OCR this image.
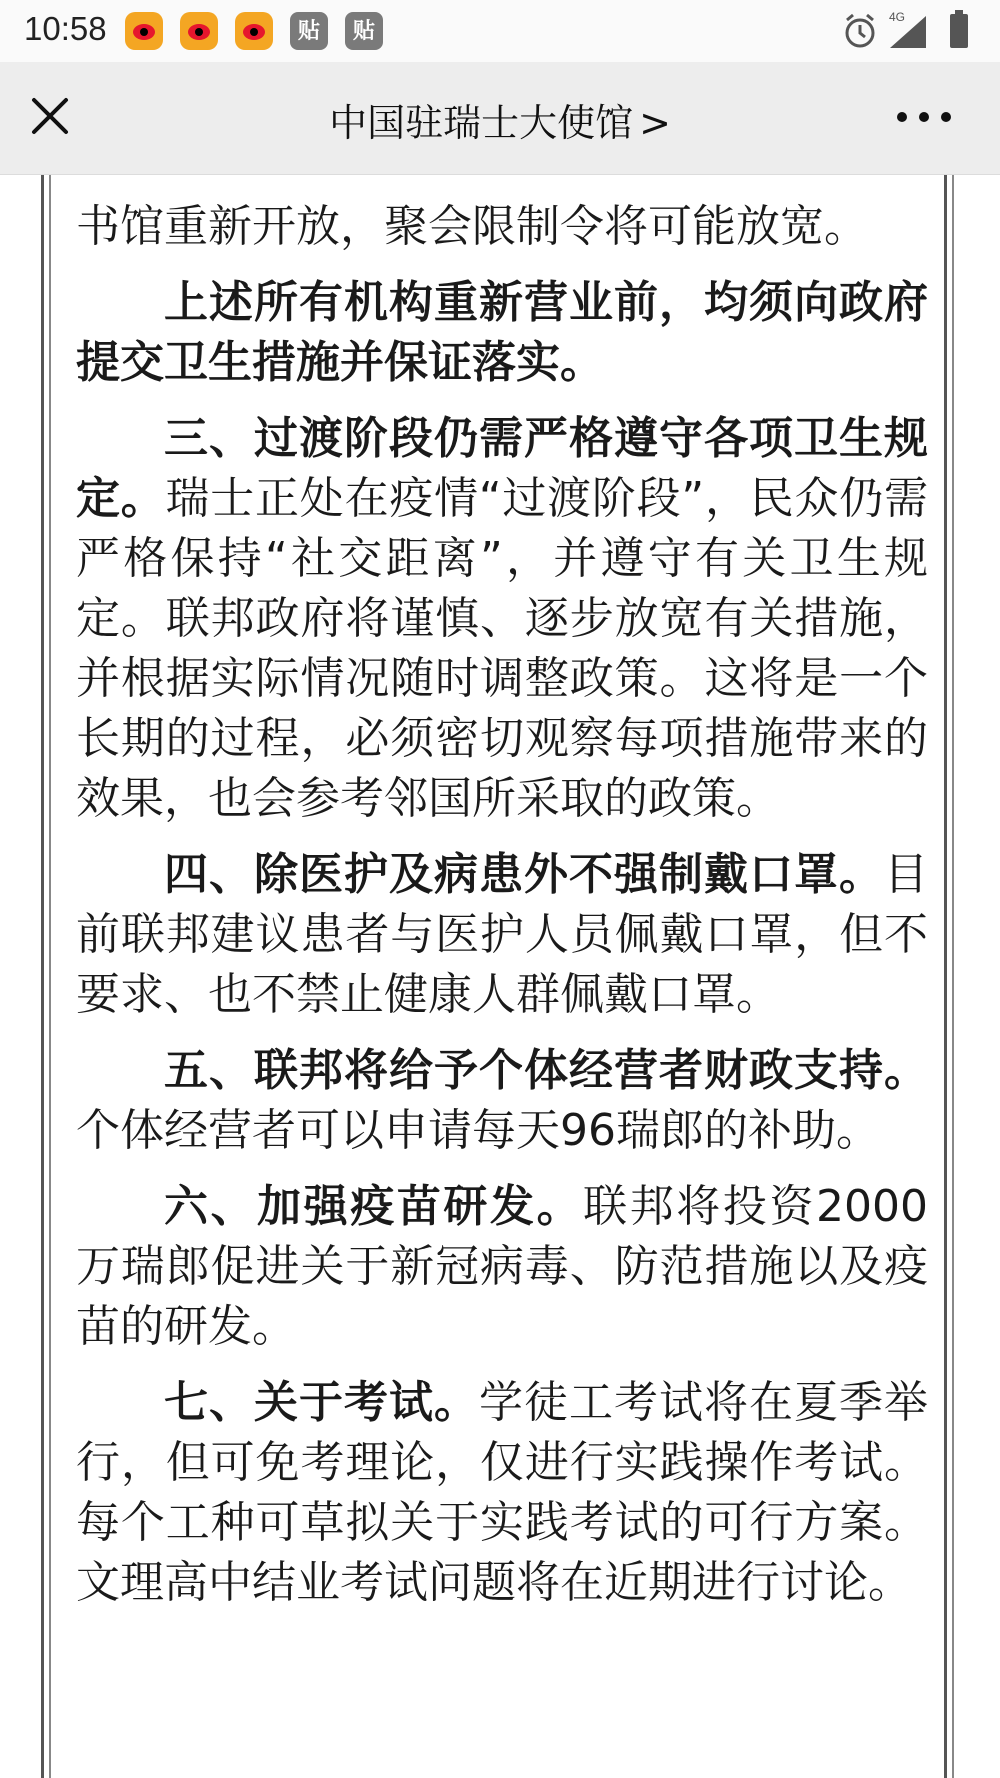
10:58	贴	贴
4G
中国驻瑞士大使馆 >

书馆重新开放，聚会限制令将可能放宽。

上述所有机构重新营业前，均须向政府提交卫生措施并保证落实。

三、过渡阶段仍需严格遵守各项卫生规定。瑞士正处在疫情“过渡阶段”，民众仍需严格保持“社交距离”，并遵守有关卫生规定。联邦政府将谨慎、逐步放宽有关措施，并根据实际情况随时调整政策。这将是一个长期的过程，必须密切观察每项措施带来的效果，也会参考邻国所采取的政策。

四、除医护及病患外不强制戴口罩。目前联邦建议患者与医护人员佩戴口罩，但不要求、也不禁止健康人群佩戴口罩。

五、联邦将给予个体经营者财政支持。个体经营者可以申请每天96瑞郎的补助。

六、加强疫苗研发。联邦将投资2000万瑞郎促进关于新冠病毒、防范措施以及疫苗的研发。

七、关于考试。学徒工考试将在夏季举行，但可免考理论，仅进行实践操作考试。每个工种可草拟关于实践考试的可行方案。文理高中结业考试问题将在近期进行讨论。
